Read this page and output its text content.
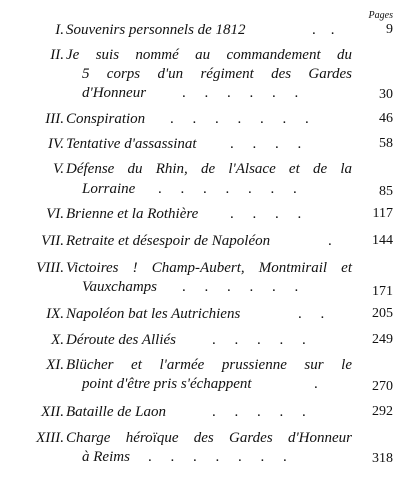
Pages
I. Souvenirs personnels de 1812	.    .	9
II. Je suis nommé au commandement du
5 corps d'un régiment des Gardes
d'Honneur	.     .     .     .     .     .	30
III. Conspiration	.     .     .     .     .     .     .	46
IV. Tentative d'assassinat	.     .     .     .	58
V. Défense du Rhin, de l'Alsace et de la
Lorraine	.     .     .     .     .     .     .	85
VI. Brienne et la Rothière	.     .     .     .	117
VII. Retraite et désespoir de Napoléon	.	144
VIII. Victoires ! Champ-Aubert, Montmirail et
Vauxchamps	.     .     .     .     .     .	171
IX. Napoléon bat les Autrichiens	.     .	205
X. Déroute des Alliés	.     .     .     .     .	249
XI. Blücher et l'armée prussienne sur le
point d'être pris s'échappent	.	270
XII. Bataille de Laon	.     .     .     .     .	292
XIII. Charge héroïque des Gardes d'Honneur
à Reims	.     .     .     .     .     .     .	318
